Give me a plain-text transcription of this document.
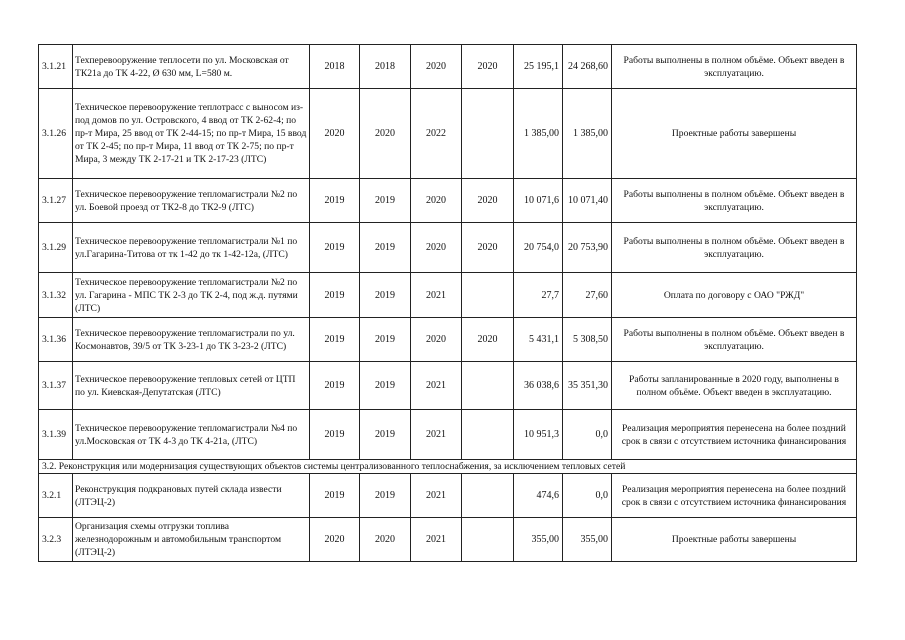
3.1.21	Техперевооружение теплосети по ул. Московская от ТК21а до ТК 4-22, Ø 630 мм, L=580 м.	2018	2018	2020	2020	25 195,1	24 268,60	Работы выполнены в полном объёме. Объект введен в эксплуатацию.
3.1.26	Техническое перевооружение теплотрасс с выносом из-под домов по ул. Островского, 4 ввод от ТК 2-62-4; по пр-т Мира, 25 ввод от ТК 2-44-15; по пр-т Мира, 15 ввод от ТК 2-45; по пр-т Мира, 11 ввод от ТК 2-75; по пр-т Мира, 3 между ТК 2-17-21 и ТК 2-17-23 (ЛТС)	2020	2020	2022		1 385,00	1 385,00	Проектные работы завершены
3.1.27	Техническое перевооружение тепломагистрали №2 по ул. Боевой проезд от ТК2-8 до ТК2-9 (ЛТС)	2019	2019	2020	2020	10 071,6	10 071,40	Работы выполнены в полном объёме. Объект введен в эксплуатацию.
3.1.29	Техническое перевооружение тепломагистрали №1 по ул.Гагарина-Титова от тк 1-42 до тк 1-42-12а, (ЛТС)	2019	2019	2020	2020	20 754,0	20 753,90	Работы выполнены в полном объёме. Объект введен в эксплуатацию.
3.1.32	Техническое перевооружение тепломагистрали №2 по ул. Гагарина - МПС ТК 2-3 до ТК 2-4, под ж.д. путями (ЛТС)	2019	2019	2021		27,7	27,60	Оплата по договору с ОАО "РЖД"
3.1.36	Техническое перевооружение тепломагистрали по ул. Космонавтов, 39/5 от ТК 3-23-1 до ТК 3-23-2 (ЛТС)	2019	2019	2020	2020	5 431,1	5 308,50	Работы выполнены в полном объёме. Объект введен в эксплуатацию.
3.1.37	Техническое перевооружение тепловых сетей от ЦТП по ул. Киевская-Депутатская (ЛТС)	2019	2019	2021		36 038,6	35 351,30	Работы запланированные в 2020 году, выполнены в полном объёме. Объект введен в эксплуатацию.
3.1.39	Техническое перевооружение тепломагистрали №4 по ул.Московская от ТК 4-3 до ТК 4-21а, (ЛТС)	2019	2019	2021		10 951,3	0,0	Реализация мероприятия перенесена на более поздний срок в связи с отсутствием источника финансирования
3.2. Реконструкция или модернизация существующих объектов системы централизованного теплоснабжения, за исключением тепловых сетей								
3.2.1	Реконструкция подкрановых путей склада извести (ЛТЭЦ-2)	2019	2019	2021		474,6	0,0	Реализация мероприятия перенесена на более поздний срок в связи с отсутствием источника финансирования
3.2.3	Организация схемы отгрузки топлива железнодорожным и автомобильным транспортом (ЛТЭЦ-2)	2020	2020	2021		355,00	355,00	Проектные работы завершены
